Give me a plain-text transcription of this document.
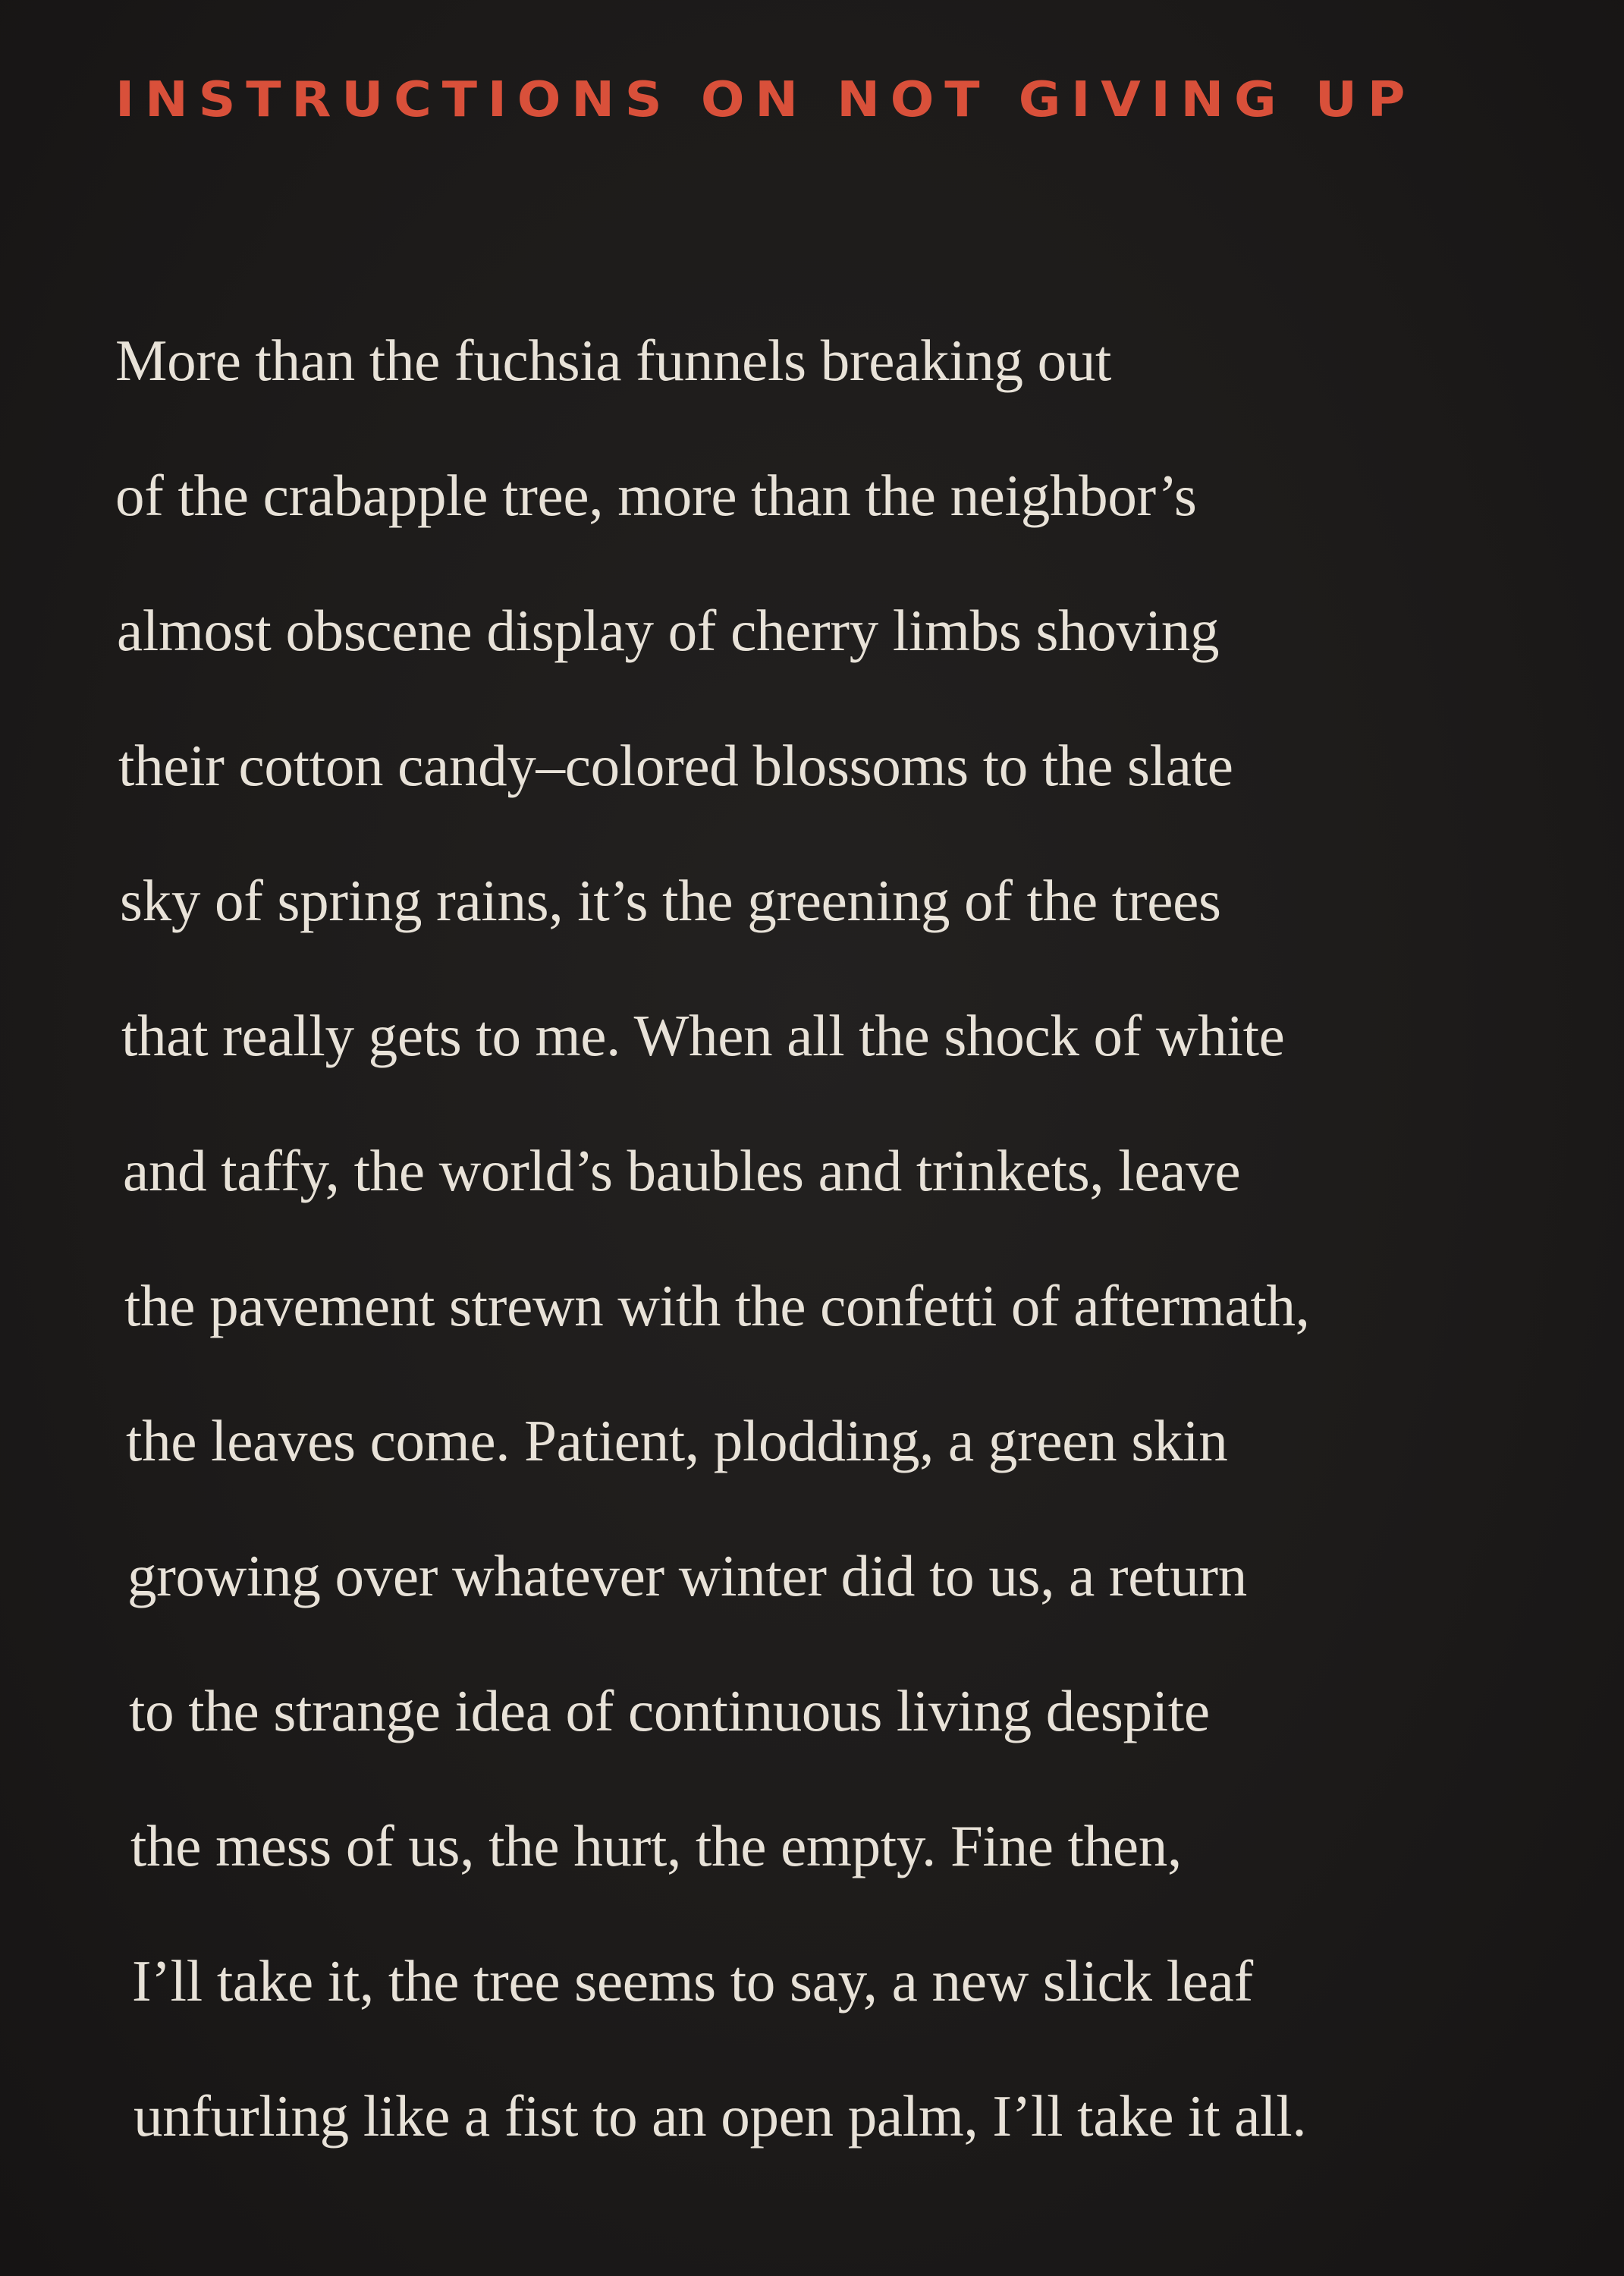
INSTRUCTIONS ON NOT GIVING UP

More than the fuchsia funnels breaking out

of the crabapple tree, more than the neighbor’s

almost obscene display of cherry limbs shoving

their cotton candy–colored blossoms to the slate

sky of spring rains, it’s the greening of the trees

that really gets to me. When all the shock of white

and taffy, the world’s baubles and trinkets, leave

the pavement strewn with the confetti of aftermath,

the leaves come. Patient, plodding, a green skin

growing over whatever winter did to us, a return

to the strange idea of continuous living despite

the mess of us, the hurt, the empty. Fine then,

I’ll take it, the tree seems to say, a new slick leaf

unfurling like a fist to an open palm, I’ll take it all.
